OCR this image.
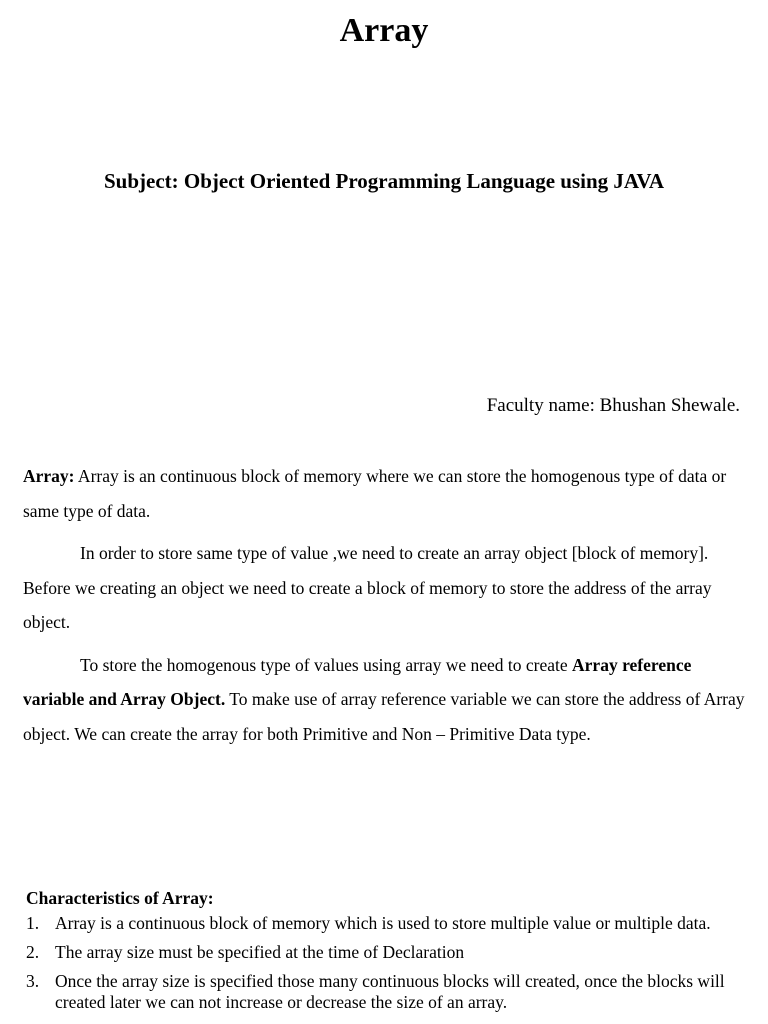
Array
Subject: Object Oriented Programming Language using JAVA

Faculty name: Bhushan Shewale.

Array: Array is an continuous block of memory where we can store the homogenous type of data or same type of data.

In order to store same type of value ,we need to create an array object [block of memory]. Before we creating an object we need to create a block of memory to store the address of the array object.

To store the homogenous type of values using array we need to create Array reference variable and Array Object. To make use of array reference variable we can store the address of Array object. We can create the array for both Primitive and Non – Primitive Data type.

Characteristics of Array:

1. Array is a continuous block of memory which is used to store multiple value or multiple data.
2. The array size must be specified at the time of Declaration
3. Once the array size is specified those many continuous blocks will created, once the blocks will created later we can not increase or decrease the size of an array.
